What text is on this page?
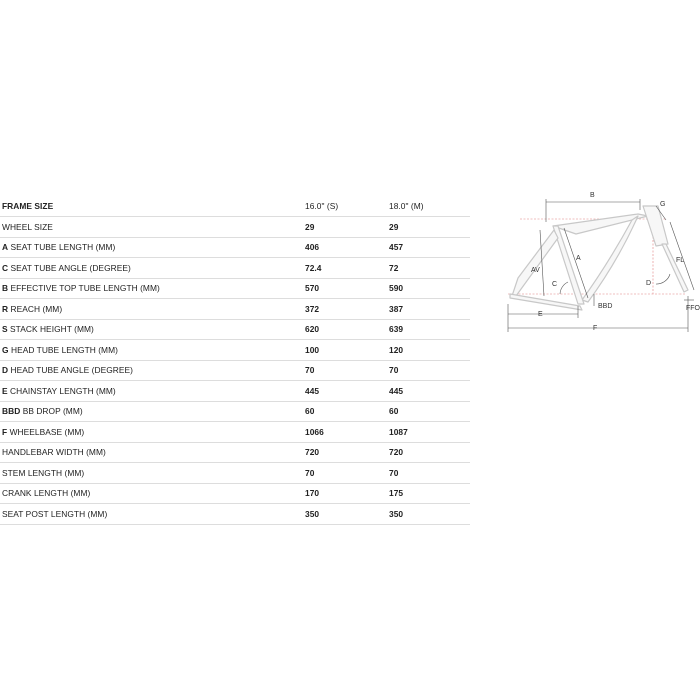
FRAME SIZE	16.0" (S)	18.0" (M)
WHEEL SIZE	29	29
A SEAT TUBE LENGTH (MM)	406	457
C SEAT TUBE ANGLE (DEGREE)	72.4	72
B EFFECTIVE TOP TUBE LENGTH (MM)	570	590
R REACH (MM)	372	387
S STACK HEIGHT (MM)	620	639
G HEAD TUBE LENGTH (MM)	100	120
D HEAD TUBE ANGLE (DEGREE)	70	70
E CHAINSTAY LENGTH (MM)	445	445
BBD BB DROP (MM)	60	60
F WHEELBASE (MM)	1066	1087
HANDLEBAR WIDTH (MM)	720	720
STEM LENGTH (MM)	70	70
CRANK LENGTH (MM)	170	175
SEAT POST LENGTH (MM)	350	350
B
G
FL
A
AV
C	D
BBD	FFO
E
F
